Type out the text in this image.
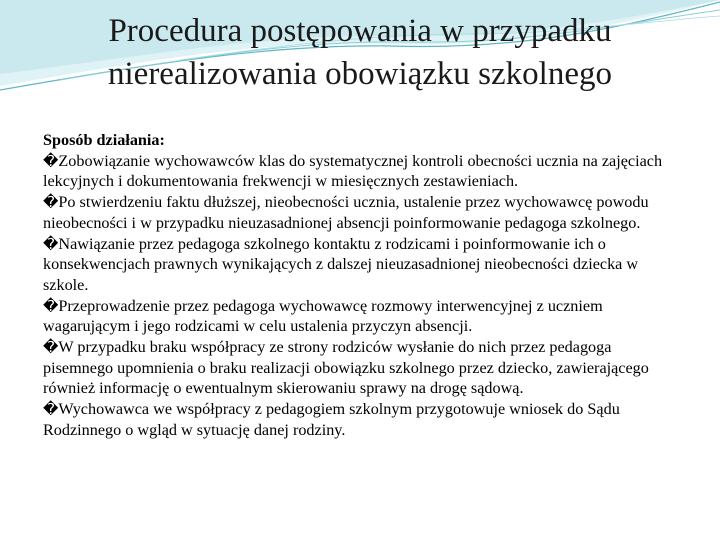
Procedura postępowania w przypadku nierealizowania obowiązku szkolnego
Sposób działania:
�Zobowiązanie wychowawców klas do systematycznej kontroli obecności ucznia na zajęciach lekcyjnych i dokumentowania frekwencji w miesięcznych zestawieniach.
�Po stwierdzeniu faktu dłuższej, nieobecności ucznia, ustalenie przez wychowawcę powodu nieobecności i w przypadku nieuzasadnionej absencji poinformowanie pedagoga szkolnego.
�Nawiązanie przez pedagoga szkolnego kontaktu z rodzicami i poinformowanie ich o konsekwencjach prawnych wynikających z dalszej nieuzasadnionej nieobecności dziecka w szkole.
�Przeprowadzenie przez pedagoga wychowawcę rozmowy interwencyjnej z uczniem wagarującym i jego rodzicami w celu ustalenia przyczyn absencji.
�W przypadku braku współpracy ze strony rodziców wysłanie do nich przez pedagoga pisemnego upomnienia o braku realizacji obowiązku szkolnego przez dziecko, zawierającego również informację o ewentualnym skierowaniu sprawy na drogę sądową.
�Wychowawca we współpracy z pedagogiem szkolnym przygotowuje wniosek do Sądu Rodzinnego o wgląd w sytuację danej rodziny.
